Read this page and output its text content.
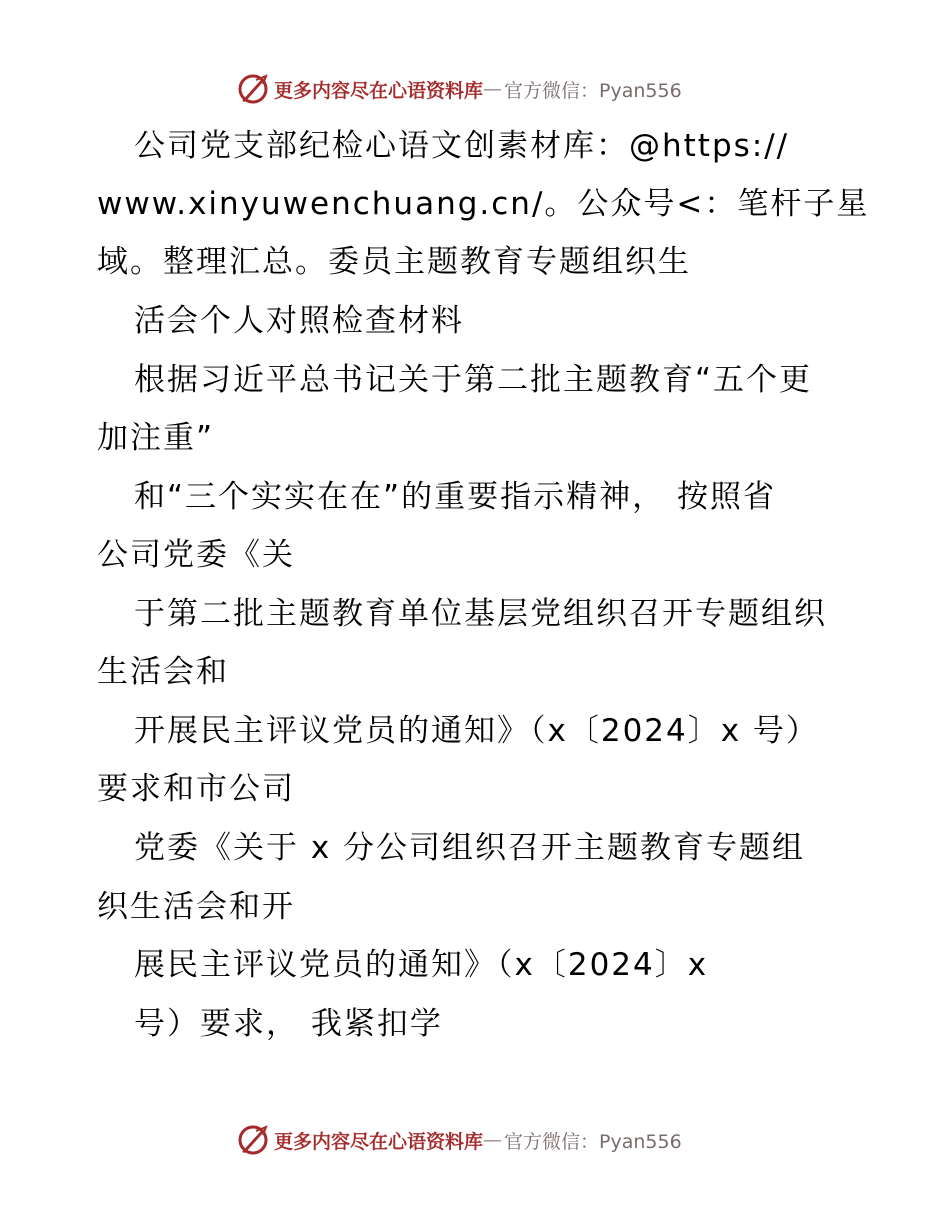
更多内容尽在心语资料库 — 官方微信：Pyan556
公司党支部纪检心语文创素材库：@https://
www.xinyuwenchuang.cn/。公众号<：笔杆子星
域。整理汇总。委员主题教育专题组织生
活会个人对照检查材料
根据习近平总书记关于第二批主题教育“五个更
加注重”
和“三个实实在在”的重要指示精神， 按照省
公司党委《关
于第二批主题教育单位基层党组织召开专题组织
生活会和
开展民主评议党员的通知》（x〔2024〕x 号）
要求和市公司
党委《关于 x 分公司组织召开主题教育专题组
织生活会和开
展民主评议党员的通知》（x〔2024〕x
号）要求， 我紧扣学
更多内容尽在心语资料库 — 官方微信：Pyan556
